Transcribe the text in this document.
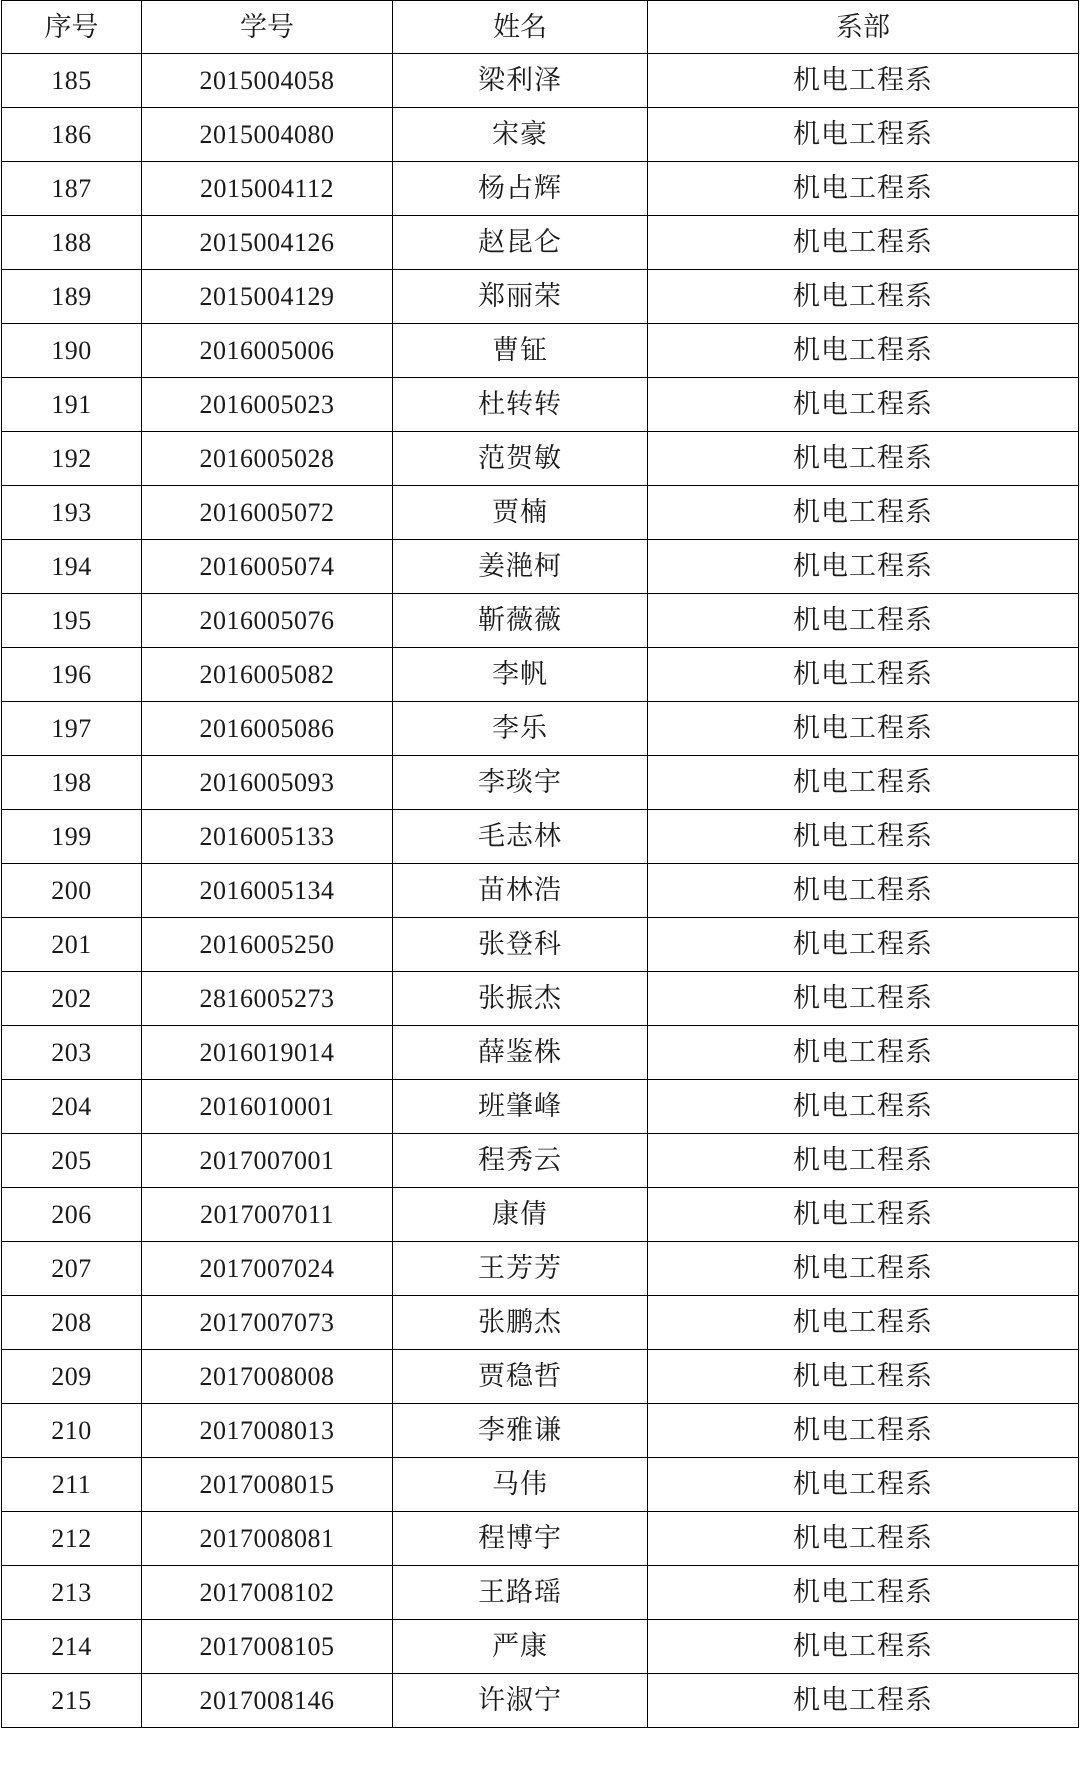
序号	学号	姓名	系部
185	2015004058	梁利泽	机电工程系
186	2015004080	宋豪	机电工程系
187	2015004112	杨占辉	机电工程系
188	2015004126	赵昆仑	机电工程系
189	2015004129	郑丽荣	机电工程系
190	2016005006	曹钲	机电工程系
191	2016005023	杜转转	机电工程系
192	2016005028	范贺敏	机电工程系
193	2016005072	贾楠	机电工程系
194	2016005074	姜滟柯	机电工程系
195	2016005076	靳薇薇	机电工程系
196	2016005082	李帆	机电工程系
197	2016005086	李乐	机电工程系
198	2016005093	李琰宇	机电工程系
199	2016005133	毛志林	机电工程系
200	2016005134	苗林浩	机电工程系
201	2016005250	张登科	机电工程系
202	2816005273	张振杰	机电工程系
203	2016019014	薛鉴株	机电工程系
204	2016010001	班肇峰	机电工程系
205	2017007001	程秀云	机电工程系
206	2017007011	康倩	机电工程系
207	2017007024	王芳芳	机电工程系
208	2017007073	张鹏杰	机电工程系
209	2017008008	贾稳哲	机电工程系
210	2017008013	李雅谦	机电工程系
211	2017008015	马伟	机电工程系
212	2017008081	程博宇	机电工程系
213	2017008102	王路瑶	机电工程系
214	2017008105	严康	机电工程系
215	2017008146	许淑宁	机电工程系
